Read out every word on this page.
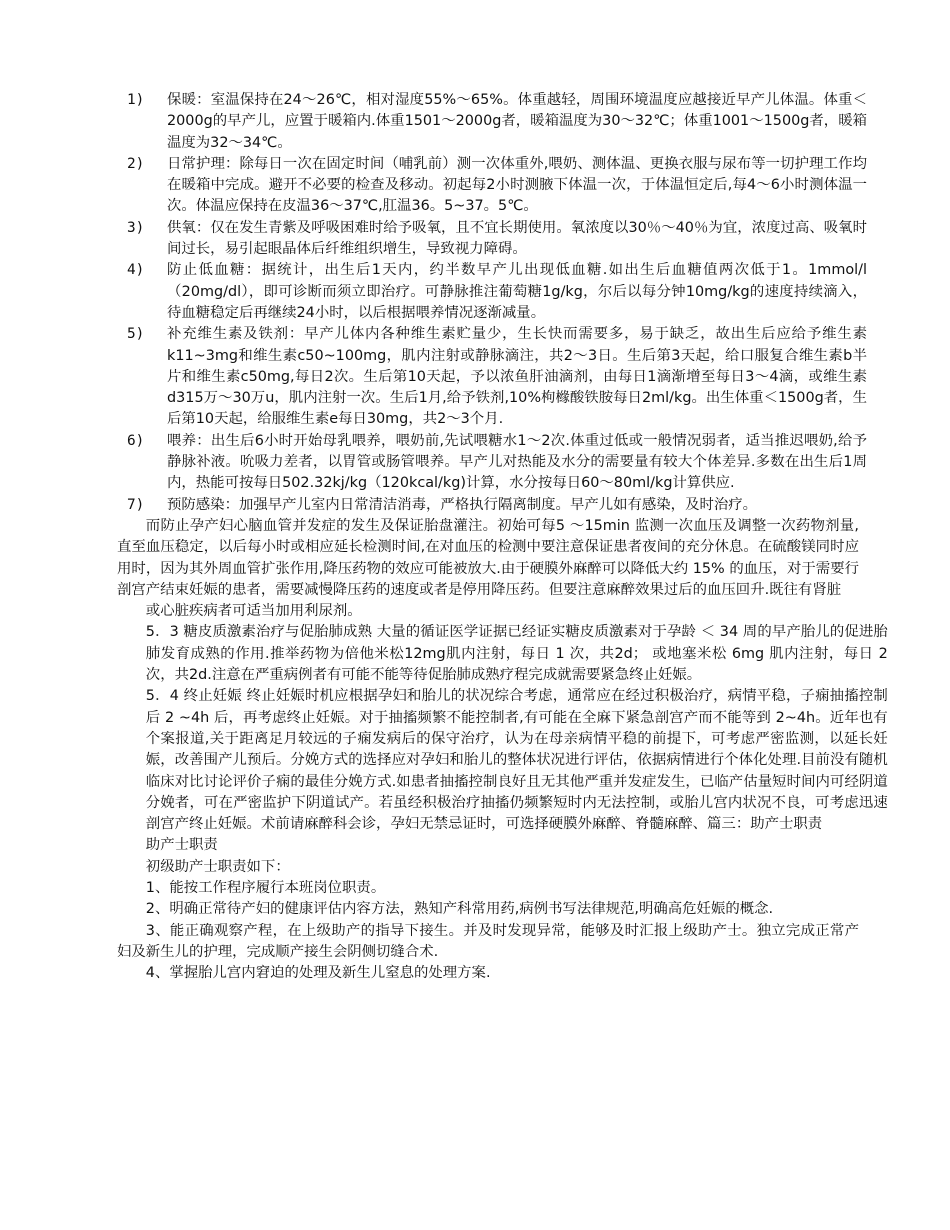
1)	保暖：室温保持在24～26℃，相对湿度55%～65%。体重越轻，周围环境温度应越接近早产儿体温。体重＜2000g的早产儿，应置于暖箱内.体重1501～2000g者，暖箱温度为30～32℃；体重1001～1500g者，暖箱温度为32～34℃。
2)	日常护理：除每日一次在固定时间（哺乳前）测一次体重外,喂奶、测体温、更换衣服与尿布等一切护理工作均在暖箱中完成。避开不必要的检查及移动。初起每2小时测腋下体温一次，于体温恒定后,每4～6小时测体温一次。体温应保持在皮温36～37℃,肛温36。5~37。5℃。
3)	供氧：仅在发生青紫及呼吸困难时给予吸氧，且不宜长期使用。氧浓度以30％～40％为宜，浓度过高、吸氧时间过长，易引起眼晶体后纤维组织增生，导致视力障碍。
4)	防止低血糖：据统计，出生后1天内，约半数早产儿出现低血糖.如出生后血糖值两次低于1。1mmol/l（20mg/dl），即可诊断而须立即治疗。可静脉推注葡萄糖1g/kg，尔后以每分钟10mg/kg的速度持续滴入，待血糖稳定后再继续24小时，以后根据喂养情况逐渐减量。
5)	补充维生素及铁剂：早产儿体内各种维生素贮量少，生长快而需要多，易于缺乏，故出生后应给予维生素k11~3mg和维生素c50~100mg，肌内注射或静脉滴注，共2～3日。生后第3天起，给口服复合维生素b半片和维生素c50mg,每日2次。生后第10天起，予以浓鱼肝油滴剂，由每日1滴渐增至每日3～4滴，或维生素d315万～30万u，肌内注射一次。生后1月,给予铁剂,10%枸橼酸铁胺每日2ml/kg。出生体重＜1500g者，生后第10天起，给服维生素e每日30mg，共2～3个月.
6)	喂养：出生后6小时开始母乳喂养，喂奶前,先试喂糖水1～2次.体重过低或一般情况弱者，适当推迟喂奶,给予静脉补液。吮吸力差者，以胃管或肠管喂养。早产儿对热能及水分的需要量有较大个体差异.多数在出生后1周内，热能可按每日502.32kj/kg（120kcal/kg)计算，水分按每日60～80ml/kg计算供应.
7)	预防感染：加强早产儿室内日常清洁消毒，严格执行隔离制度。早产儿如有感染，及时治疗。
而防止孕产妇心脑血管并发症的发生及保证胎盘灌注。初始可每5 ～15min 监测一次血压及调整一次药物剂量,直至血压稳定，以后每小时或相应延长检测时间,在对血压的检测中要注意保证患者夜间的充分休息。在硫酸镁同时应用时，因为其外周血管扩张作用,降压药物的效应可能被放大.由于硬膜外麻醉可以降低大约 15% 的血压，对于需要行剖宫产结束妊娠的患者，需要减慢降压药的速度或者是停用降压药。但要注意麻醉效果过后的血压回升.既往有肾脏
或心脏疾病者可适当加用利尿剂。
5．3 糖皮质激素治疗与促胎肺成熟 大量的循证医学证据已经证实糖皮质激素对于孕龄 ＜ 34 周的早产胎儿的促进胎肺发育成熟的作用.推举药物为倍他米松12mg肌内注射，每日 1 次，共2d； 或地塞米松 6mg 肌内注射，每日 2次，共2d.注意在严重病例者有可能不能等待促胎肺成熟疗程完成就需要紧急终止妊娠。
5．4 终止妊娠 终止妊娠时机应根据孕妇和胎儿的状况综合考虑，通常应在经过积极治疗，病情平稳，子痫抽搐控制后 2 ~4h 后，再考虑终止妊娠。对于抽搐频繁不能控制者,有可能在全麻下紧急剖宫产而不能等到 2~4h。近年也有个案报道,关于距离足月较远的子痫发病后的保守治疗，认为在母亲病情平稳的前提下，可考虑严密监测，以延长妊娠，改善围产儿预后。分娩方式的选择应对孕妇和胎儿的整体状况进行评估，依据病情进行个体化处理.目前没有随机临床对比讨论评价子痫的最佳分娩方式.如患者抽搐控制良好且无其他严重并发症发生，已临产估量短时间内可经阴道分娩者，可在严密监护下阴道试产。若虽经积极治疗抽搐仍频繁短时内无法控制，或胎儿宫内状况不良，可考虑迅速剖宫产终止妊娠。术前请麻醉科会诊，孕妇无禁忌证时，可选择硬膜外麻醉、脊髓麻醉、篇三：助产士职责
助产士职责
初级助产士职责如下：
1、能按工作程序履行本班岗位职责。
2、明确正常待产妇的健康评估内容方法，熟知产科常用药,病例书写法律规范,明确高危妊娠的概念.
3、能正确观察产程，在上级助产的指导下接生。并及时发现异常，能够及时汇报上级助产士。独立完成正常产妇及新生儿的护理，完成顺产接生会阴侧切缝合术.
4、掌握胎儿宫内窘迫的处理及新生儿窒息的处理方案.
